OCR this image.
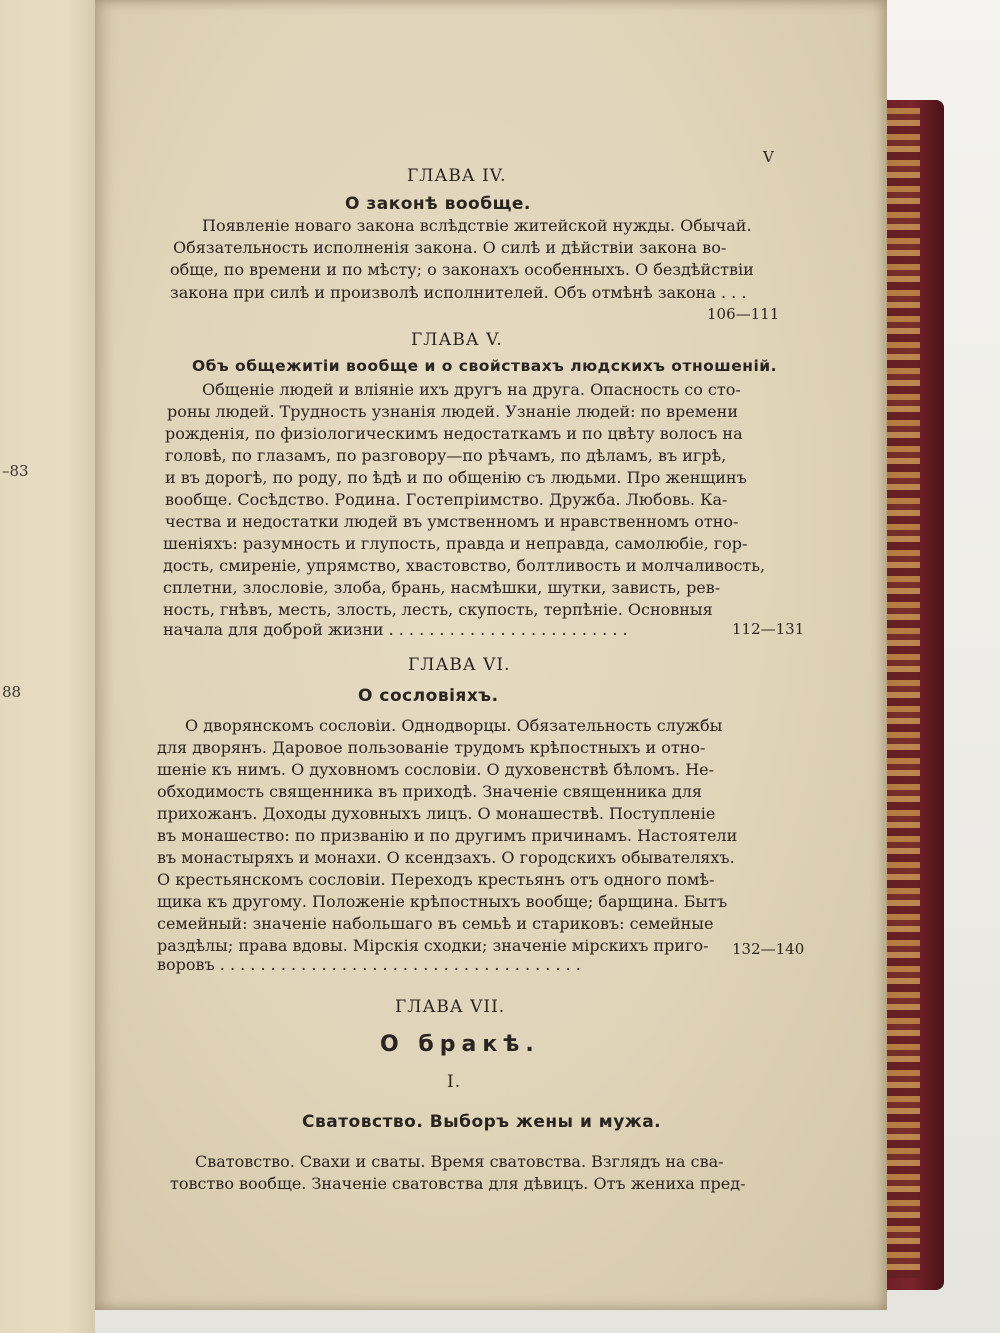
–83
88
V
ГЛАВА IV.
О законѣ вообще.
Появленіе новаго закона вслѣдствіе житейской нужды. Обычай.
Обязательность исполненія закона. О силѣ и дѣйствіи закона во-
обще, по времени и по мѣсту; о законахъ особенныхъ. О бездѣйствіи
закона при силѣ и произволѣ исполнителей. Объ отмѣнѣ закона . . .
106—111
ГЛАВА V.
Объ общежитіи вообще и о свойствахъ людскихъ отношеній.
Общеніе людей и вліяніе ихъ другъ на друга. Опасность со сто-
роны людей. Трудность узнанія людей. Узнаніе людей: по времени
рожденія, по физіологическимъ недостаткамъ и по цвѣту волосъ на
головѣ, по глазамъ, по разговору—по рѣчамъ, по дѣламъ, въ игрѣ,
и въ дорогѣ, по роду, по ѣдѣ и по общенію съ людьми. Про женщинъ
вообще. Сосѣдство. Родина. Гостепріимство. Дружба. Любовь. Ка-
чества и недостатки людей въ умственномъ и нравственномъ отно-
шеніяхъ: разумность и глупость, правда и неправда, самолюбіе, гор-
дость, смиреніе, упрямство, хвастовство, болтливость и молчаливость,
сплетни, злословіе, злоба, брань, насмѣшки, шутки, зависть, рев-
ность, гнѣвъ, месть, злость, лесть, скупость, терпѣніе. Основныя
начала для доброй жизни . . . . . . . . . . . . . . . . . . . . . . . .	112—131
ГЛАВА VI.
О сословіяхъ.
О дворянскомъ сословіи. Однодворцы. Обязательность службы
для дворянъ. Даровое пользованіе трудомъ крѣпостныхъ и отно-
шеніе къ нимъ. О духовномъ сословіи. О духовенствѣ бѣломъ. Не-
обходимость священника въ приходѣ. Значеніе священника для
прихожанъ. Доходы духовныхъ лицъ. О монашествѣ. Поступленіе
въ монашество: по призванію и по другимъ причинамъ. Настоятели
въ монастыряхъ и монахи. О ксендзахъ. О городскихъ обывателяхъ.
О крестьянскомъ сословіи. Переходъ крестьянъ отъ одного помѣ-
щика къ другому. Положеніе крѣпостныхъ вообще; барщина. Бытъ
семейный: значеніе набольшаго въ семьѣ и стариковъ: семейные
раздѣлы; права вдовы. Мірскія сходки; значеніе мірскихъ приго-
воровъ . . . . . . . . . . . . . . . . . . . . . . . . . . . . . . . . . . . .
132—140
ГЛАВА VII.
О бракѣ.
I.
Сватовство. Выборъ жены и мужа.
Сватовство. Свахи и сваты. Время сватовства. Взглядъ на сва-
товство вообще. Значеніе сватовства для дѣвицъ. Отъ жениха пред-
